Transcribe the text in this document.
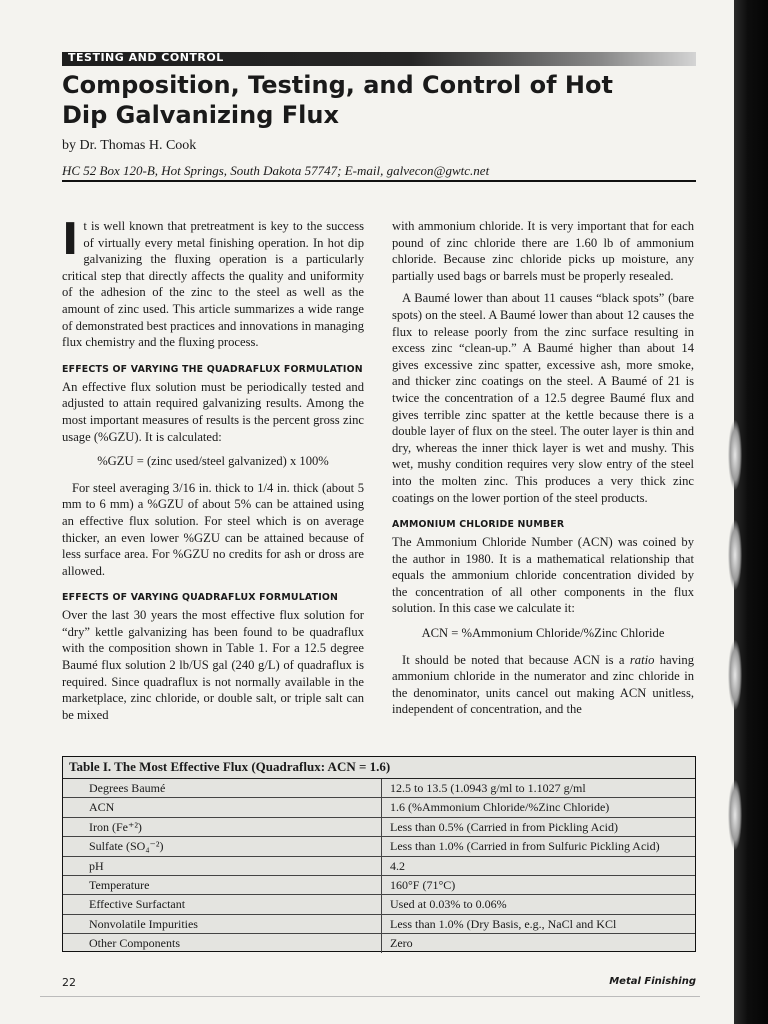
TESTING AND CONTROL
Composition, Testing, and Control of Hot
Dip Galvanizing Flux
by Dr. Thomas H. Cook
HC 52 Box 120-B, Hot Springs, South Dakota 57747; E-mail, galvecon@gwtc.net

It is well known that pretreatment is key to the success of virtually every metal finishing operation. In hot dip galvanizing the fluxing operation is a particularly critical step that directly affects the quality and uniformity of the adhesion of the zinc to the steel as well as the amount of zinc used. This article summarizes a wide range of demonstrated best practices and innovations in managing flux chemistry and the fluxing process.

EFFECTS OF VARYING THE QUADRAFLUX FORMULATION

An effective flux solution must be periodically tested and adjusted to attain required galvanizing results. Among the most important measures of results is the percent gross zinc usage (%GZU). It is calculated:

%GZU = (zinc used/steel galvanized) x 100%

For steel averaging 3/16 in. thick to 1/4 in. thick (about 5 mm to 6 mm) a %GZU of about 5% can be attained using an effective flux solution. For steel which is on average thicker, an even lower %GZU can be attained because of less surface area. For %GZU no credits for ash or dross are allowed.

EFFECTS OF VARYING QUADRAFLUX FORMULATION

Over the last 30 years the most effective flux solution for “dry” kettle galvanizing has been found to be quadraflux with the composition shown in Table 1. For a 12.5 degree Baumé flux solution 2 lb/US gal (240 g/L) of quadraflux is required. Since quadraflux is not normally available in the marketplace, zinc chloride, or double salt, or triple salt can be mixed

with ammonium chloride. It is very important that for each pound of zinc chloride there are 1.60 lb of ammonium chloride. Because zinc chloride picks up moisture, any partially used bags or barrels must be properly resealed.

A Baumé lower than about 11 causes “black spots” (bare spots) on the steel. A Baumé lower than about 12 causes the flux to release poorly from the zinc surface resulting in excess zinc “clean-up.” A Baumé higher than about 14 gives excessive zinc spatter, excessive ash, more smoke, and thicker zinc coatings on the steel. A Baumé of 21 is twice the concentration of a 12.5 degree Baumé flux and gives terrible zinc spatter at the kettle because there is a double layer of flux on the steel. The outer layer is thin and dry, whereas the inner thick layer is wet and mushy. This wet, mushy condition requires very slow entry of the steel into the molten zinc. This produces a very thick zinc coatings on the lower portion of the steel products.

AMMONIUM CHLORIDE NUMBER

The Ammonium Chloride Number (ACN) was coined by the author in 1980. It is a mathematical relationship that equals the ammonium chloride concentration divided by the concentration of all other components in the flux solution. In this case we calculate it:

ACN = %Ammonium Chloride/%Zinc Chloride

It should be noted that because ACN is a ratio having ammonium chloride in the numerator and zinc chloride in the denominator, units cancel out making ACN unitless, independent of concentration, and the

Table I. The Most Effective Flux (Quadraflux: ACN = 1.6)
Degrees Baumé	12.5 to 13.5 (1.0943 g/ml to 1.1027 g/ml
ACN	1.6 (%Ammonium Chloride/%Zinc Chloride)
Iron (Fe⁺²)	Less than 0.5% (Carried in from Pickling Acid)
Sulfate (SO₄⁻²)	Less than 1.0% (Carried in from Sulfuric Pickling Acid)
pH	4.2
Temperature	160°F (71°C)
Effective Surfactant	Used at 0.03% to 0.06%
Nonvolatile Impurities	Less than 1.0% (Dry Basis, e.g., NaCl and KCl
Other Components	Zero
22	Metal Finishing
